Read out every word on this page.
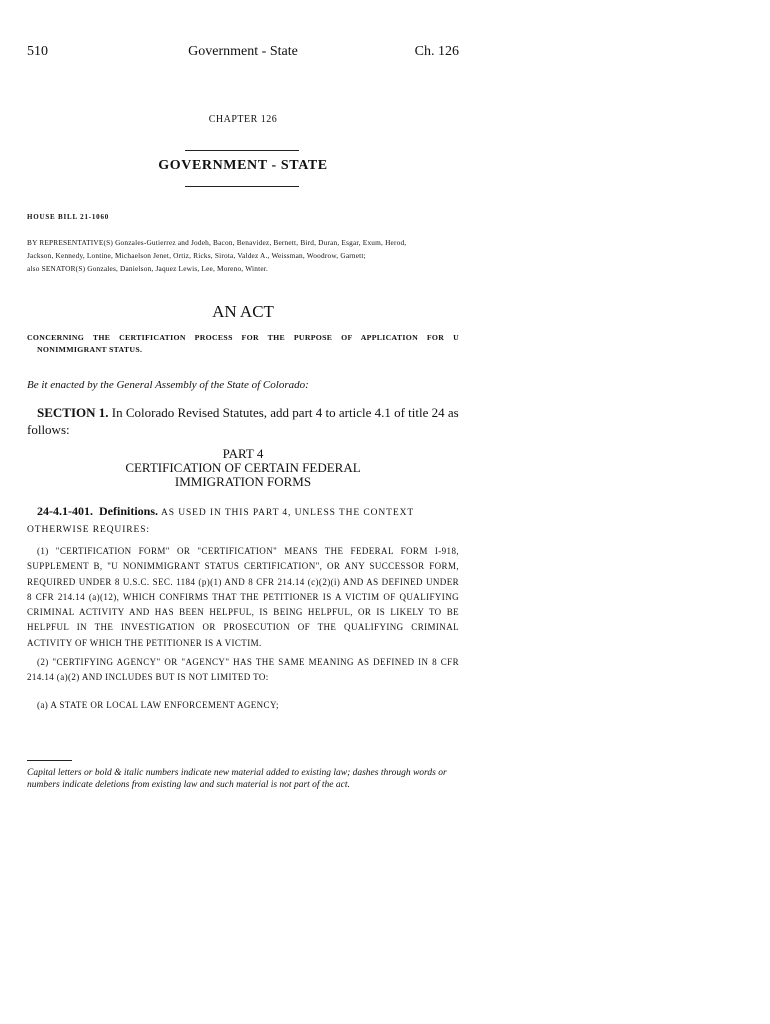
510	Government - State	Ch. 126
CHAPTER 126
GOVERNMENT - STATE
HOUSE BILL 21-1060
BY REPRESENTATIVE(S) Gonzales-Gutierrez and Jodeh, Bacon, Benavidez, Bernett, Bird, Duran, Esgar, Exum, Herod,
Jackson, Kennedy, Lontine, Michaelson Jenet, Ortiz, Ricks, Sirota, Valdez A., Weissman, Woodrow, Garnett;
also SENATOR(S) Gonzales, Danielson, Jaquez Lewis, Lee, Moreno, Winter.
AN ACT
CONCERNING THE CERTIFICATION PROCESS FOR THE PURPOSE OF APPLICATION FOR U
NONIMMIGRANT STATUS.
Be it enacted by the General Assembly of the State of Colorado:
SECTION 1. In Colorado Revised Statutes, add part 4 to article 4.1 of title 24 as follows:
PART 4
CERTIFICATION OF CERTAIN FEDERAL
IMMIGRATION FORMS
24-4.1-401. Definitions. AS USED IN THIS PART 4, UNLESS THE CONTEXT OTHERWISE REQUIRES:
(1) "CERTIFICATION FORM" OR "CERTIFICATION" MEANS THE FEDERAL FORM I-918, SUPPLEMENT B, "U NONIMMIGRANT STATUS CERTIFICATION", OR ANY SUCCESSOR FORM, REQUIRED UNDER 8 U.S.C. SEC. 1184 (p)(1) AND 8 CFR 214.14 (c)(2)(i) AND AS DEFINED UNDER 8 CFR 214.14 (a)(12), WHICH CONFIRMS THAT THE PETITIONER IS A VICTIM OF QUALIFYING CRIMINAL ACTIVITY AND HAS BEEN HELPFUL, IS BEING HELPFUL, OR IS LIKELY TO BE HELPFUL IN THE INVESTIGATION OR PROSECUTION OF THE QUALIFYING CRIMINAL ACTIVITY OF WHICH THE PETITIONER IS A VICTIM.
(2) "CERTIFYING AGENCY" OR "AGENCY" HAS THE SAME MEANING AS DEFINED IN 8 CFR 214.14 (a)(2) AND INCLUDES BUT IS NOT LIMITED TO:
(a) A STATE OR LOCAL LAW ENFORCEMENT AGENCY;
Capital letters or bold & italic numbers indicate new material added to existing law; dashes through words or numbers indicate deletions from existing law and such material is not part of the act.
